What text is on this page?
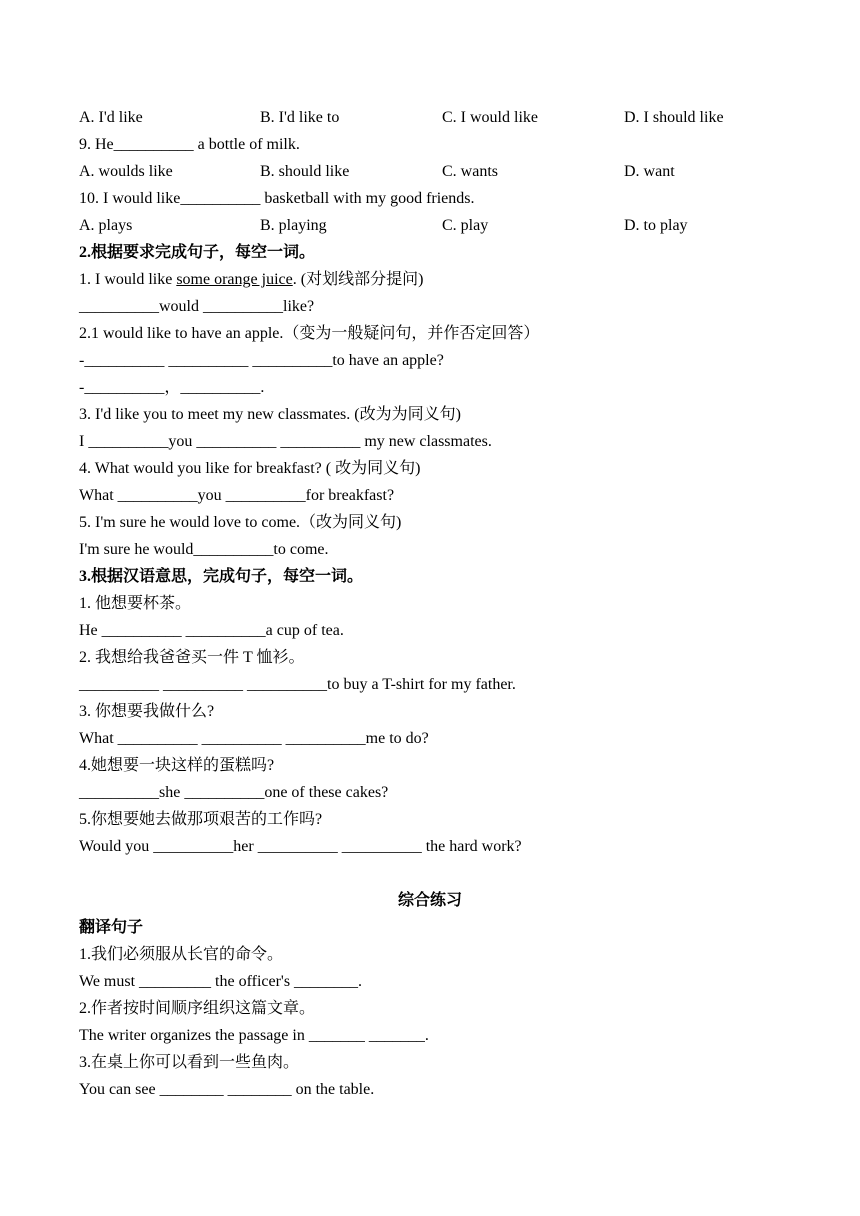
A. I'd like	B. I'd like to	C. I would like	D. I should like
9. He__________ a bottle of milk.
A. woulds like	B. should like	C. wants	D. want
10. I would like__________ basketball with my good friends.
A. plays	B. playing	C. play	D. to play
2.根据要求完成句子，每空一词。
1. I would like some orange juice. (对划线部分提问)
__________would __________like?
2.1 would like to have an apple.（变为一般疑问句，并作否定回答）
-__________ __________ __________to have an apple?
-__________，__________.
3. I'd like you to meet my new classmates. (改为为同义句)
I __________you __________ __________ my new classmates.
4. What would you like for breakfast? ( 改为同义句)
What __________you __________for breakfast?
5. I'm sure he would love to come.（改为同义句)
I'm sure he would__________to come.
3.根据汉语意思，完成句子，每空一词。
1. 他想要杯茶。
He __________ __________a cup of tea.
2. 我想给我爸爸买一件 T 恤衫。
__________ __________ __________to buy a T-shirt for my father.
3. 你想要我做什么?
What __________ __________ __________me to do?
4.她想要一块这样的蛋糕吗?
__________she __________one of these cakes?
5.你想要她去做那项艰苦的工作吗?
Would you __________her __________ __________ the hard work?
综合练习
翻译句子
1.我们必须服从长官的命令。
We must _________ the officer's ________.
2.作者按时间顺序组织这篇文章。
The writer organizes the passage in _______ _______.
3.在桌上你可以看到一些鱼肉。
You can see ________ ________ on the table.
